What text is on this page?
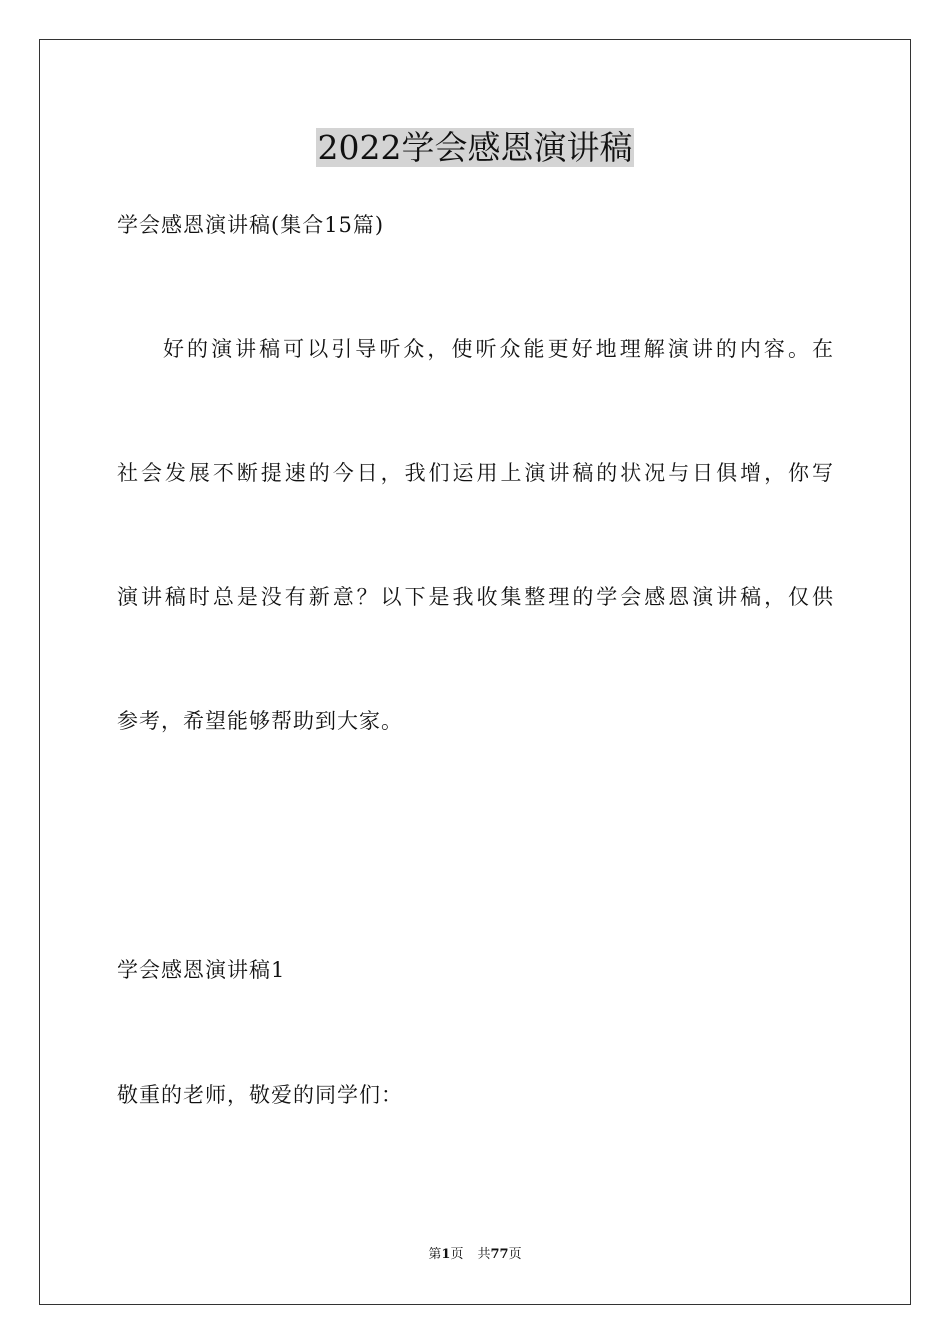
2022学会感恩演讲稿
学会感恩演讲稿(集合15篇)
好的演讲稿可以引导听众，使听众能更好地理解演讲的内容。在
社会发展不断提速的今日，我们运用上演讲稿的状况与日俱增，你写
演讲稿时总是没有新意？以下是我收集整理的学会感恩演讲稿，仅供
参考，希望能够帮助到大家。
学会感恩演讲稿1
敬重的老师，敬爱的同学们：
第1页 共77页
